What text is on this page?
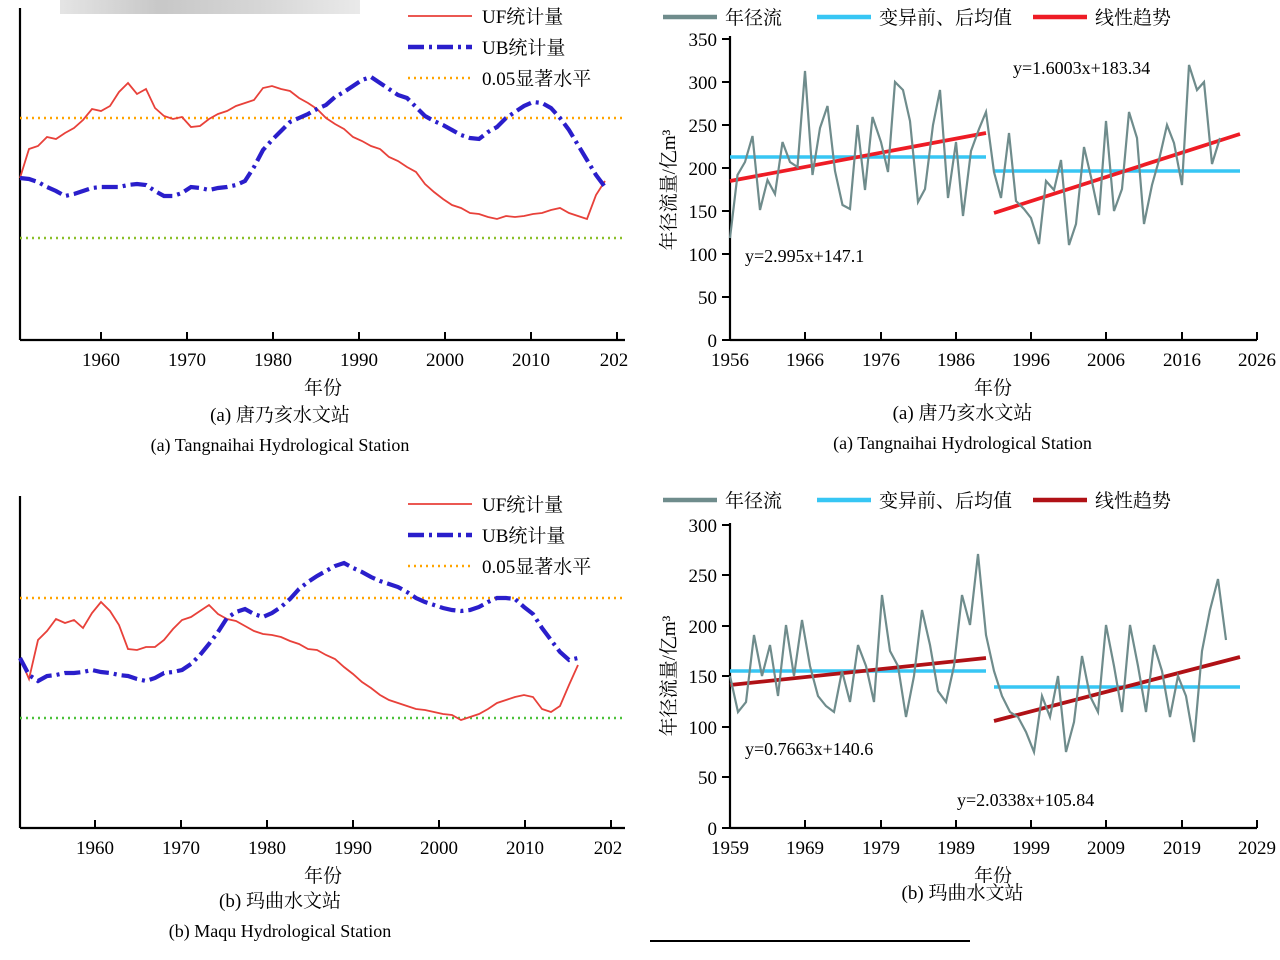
1960	1970	1980	1990	2000	2010	202
年份
UF统计量
UB统计量
0.05显著水平
(a) 唐乃亥水文站
(a) Tangnaihai Hydrological Station
1960	1970	1980	1990	2000	2010	202
年份
UF统计量
UB统计量
0.05显著水平
(b) 玛曲水文站
(b) Maqu Hydrological Station
年径流	变异前、后均值	线性趋势
0
50
100
150
200
250
300
350
1956 1966 1976 1986 1996 2006 2016 2026
年份
年径流量/亿m³
y=2.995x+147.1
y=1.6003x+183.34
(a) 唐乃亥水文站
(a) Tangnaihai Hydrological Station
年径流	变异前、后均值	线性趋势
0
50
100
150
200
250
300
1959 1969 1979 1989 1999 2009 2019 2029
年份
年径流量/亿m³
y=0.7663x+140.6
y=2.0338x+105.84
(b) 玛曲水文站
